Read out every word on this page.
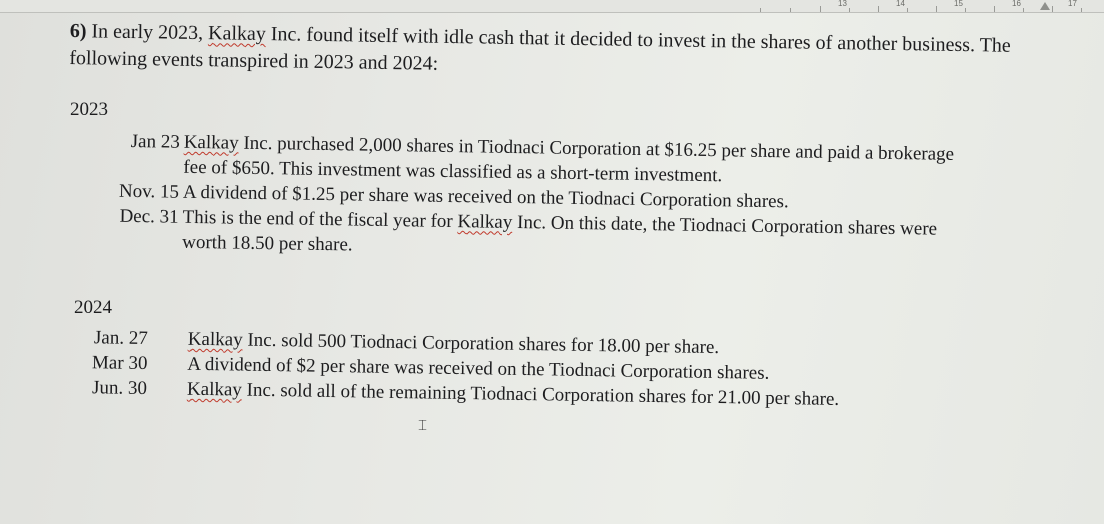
13	14	15	16	17
6) In early 2023, Kalkay Inc. found itself with idle cash that it decided to invest in the shares of another business. The following events transpired in 2023 and 2024:
2023
Jan 23 Kalkay Inc. purchased 2,000 shares in Tiodnaci Corporation at $16.25 per share and paid a brokerage fee of $650. This investment was classified as a short-term investment.
Nov. 15 A dividend of $1.25 per share was received on the Tiodnaci Corporation shares.
Dec. 31 This is the end of the fiscal year for Kalkay Inc. On this date, the Tiodnaci Corporation shares were worth 18.50 per share.
2024
Jan. 27 Kalkay Inc. sold 500 Tiodnaci Corporation shares for 18.00 per share.
Mar 30 A dividend of $2 per share was received on the Tiodnaci Corporation shares.
Jun. 30 Kalkay Inc. sold all of the remaining Tiodnaci Corporation shares for 21.00 per share.
⌶
